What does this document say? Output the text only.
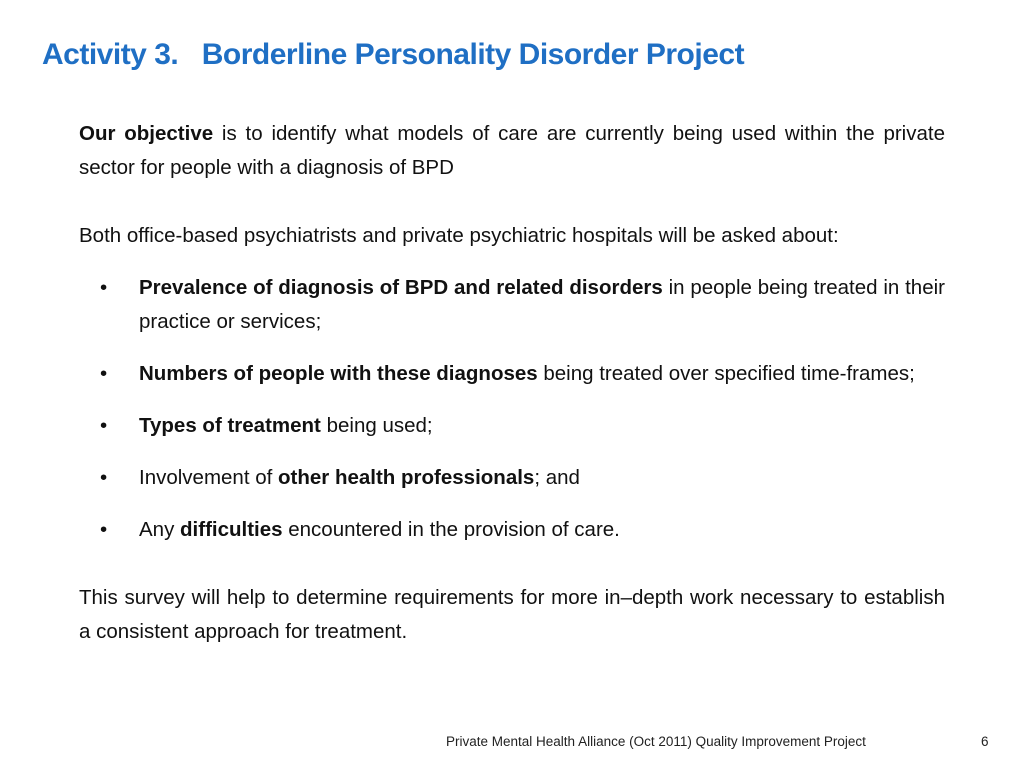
Activity 3.   Borderline Personality Disorder Project

Our objective is to identify what models of care are currently being used within the private sector for people with a diagnosis of BPD

Both office-based psychiatrists and private psychiatric hospitals will be asked about:

• Prevalence of diagnosis of BPD and related disorders in people being treated in their practice or services;
• Numbers of people with these diagnoses being treated over specified time-frames;
• Types of treatment being used;
• Involvement of other health professionals; and
• Any difficulties encountered in the provision of care.

This survey will help to determine requirements for more in–depth work necessary to establish a consistent approach for treatment.

Private Mental Health Alliance (Oct 2011) Quality Improvement Project	6
